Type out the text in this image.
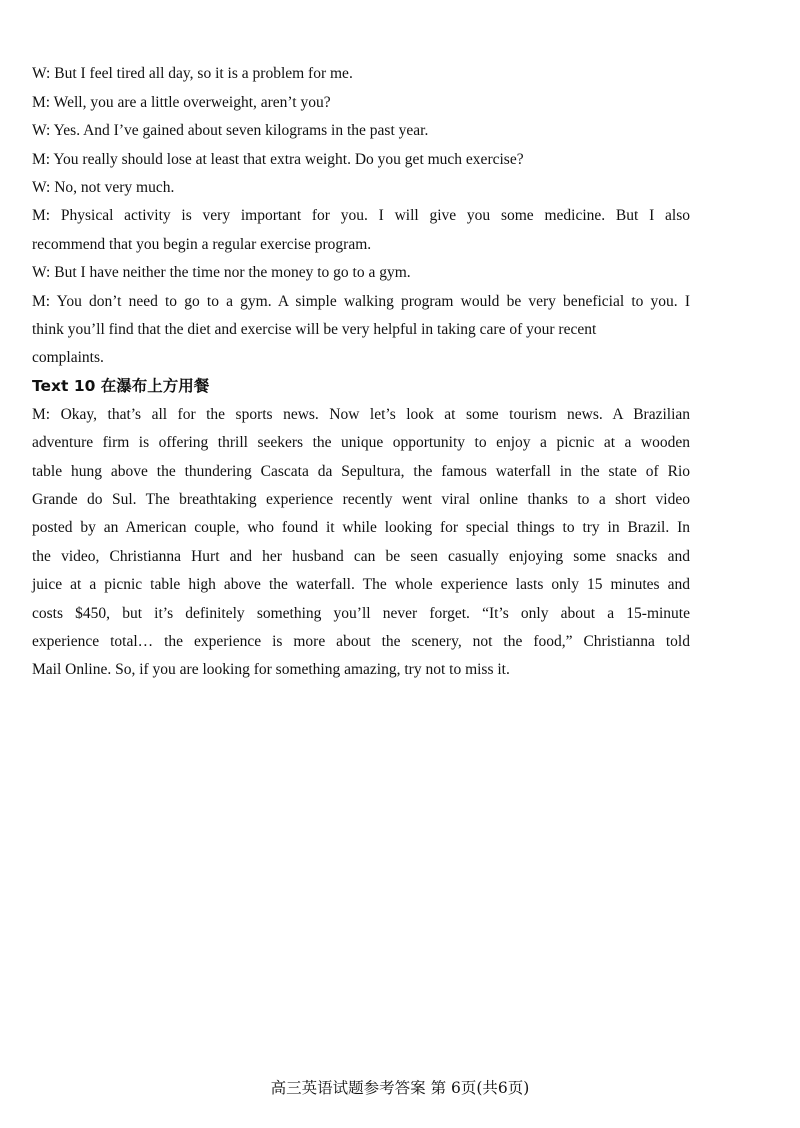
W: But I feel tired all day, so it is a problem for me.
M: Well, you are a little overweight, aren’t you?
W: Yes. And I’ve gained about seven kilograms in the past year.
M: You really should lose at least that extra weight. Do you get much exercise?
W: No, not very much.
M: Physical activity is very important for you. I will give you some medicine. But I also
recommend that you begin a regular exercise program.
W: But I have neither the time nor the money to go to a gym.
M: You don’t need to go to a gym. A simple walking program would be very beneficial to you. I
think you’ll find that the diet and exercise will be very helpful in taking care of your recent
complaints.
Text 10 在瀑布上方用餐
M: Okay, that’s all for the sports news. Now let’s look at some tourism news. A Brazilian
adventure firm is offering thrill seekers the unique opportunity to enjoy a picnic at a wooden
table hung above the thundering Cascata da Sepultura, the famous waterfall in the state of Rio
Grande do Sul. The breathtaking experience recently went viral online thanks to a short video
posted by an American couple, who found it while looking for special things to try in Brazil. In
the video, Christianna Hurt and her husband can be seen casually enjoying some snacks and
juice at a picnic table high above the waterfall. The whole experience lasts only 15 minutes and
costs $450, but it’s definitely something you’ll never forget. “It’s only about a 15-minute
experience total… the experience is more about the scenery, not the food,” Christianna told
Mail Online. So, if you are looking for something amazing, try not to miss it.
高三英语试题参考答案 第 6页(共6页)
